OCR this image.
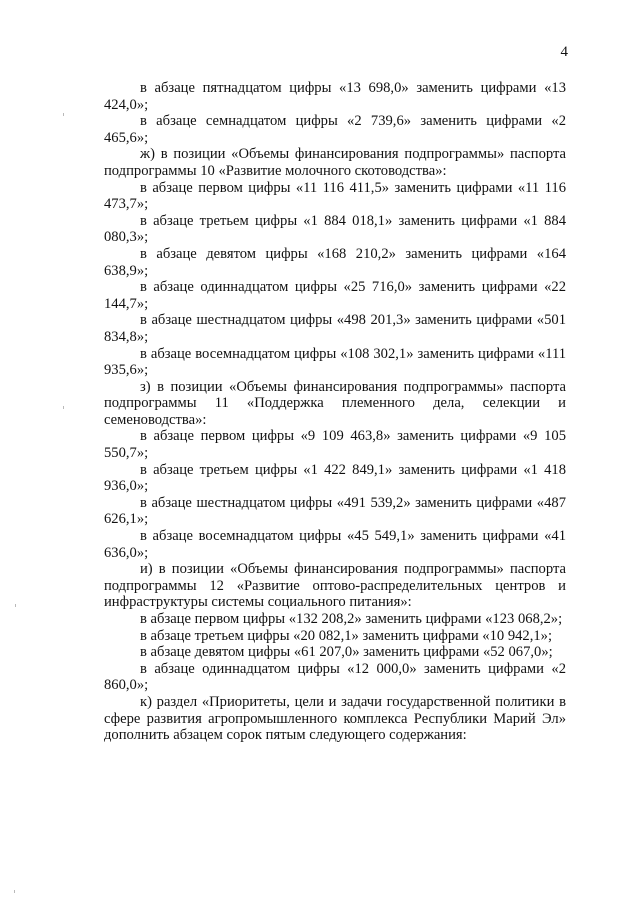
4

в абзаце пятнадцатом цифры «13 698,0» заменить цифрами «13 424,0»;

в абзаце семнадцатом цифры «2 739,6» заменить цифрами «2 465,6»;

ж) в позиции «Объемы финансирования подпрограммы» паспорта подпрограммы 10 «Развитие молочного скотоводства»:

в абзаце первом цифры «11 116 411,5» заменить цифрами «11 116 473,7»;

в абзаце третьем цифры «1 884 018,1» заменить цифрами «1 884 080,3»;

в абзаце девятом цифры «168 210,2» заменить цифрами «164 638,9»;

в абзаце одиннадцатом цифры «25 716,0» заменить цифрами «22 144,7»;

в абзаце шестнадцатом цифры «498 201,3» заменить цифрами «501 834,8»;

в абзаце восемнадцатом цифры «108 302,1» заменить цифрами «111 935,6»;

з) в позиции «Объемы финансирования подпрограммы» паспорта подпрограммы 11 «Поддержка племенного дела, селекции и семеноводства»:

в абзаце первом цифры «9 109 463,8» заменить цифрами «9 105 550,7»;

в абзаце третьем цифры «1 422 849,1» заменить цифрами «1 418 936,0»;

в абзаце шестнадцатом цифры «491 539,2» заменить цифрами «487 626,1»;

в абзаце восемнадцатом цифры «45 549,1» заменить цифрами «41 636,0»;

и) в позиции «Объемы финансирования подпрограммы» паспорта подпрограммы 12 «Развитие оптово-распределительных центров и инфраструктуры системы социального питания»:

в абзаце первом цифры «132 208,2» заменить цифрами «123 068,2»;

в абзаце третьем цифры «20 082,1» заменить цифрами «10 942,1»;

в абзаце девятом цифры «61 207,0» заменить цифрами «52 067,0»;

в абзаце одиннадцатом цифры «12 000,0» заменить цифрами «2 860,0»;

к) раздел «Приоритеты, цели и задачи государственной политики в сфере развития агропромышленного комплекса Республики Марий Эл» дополнить абзацем сорок пятым следующего содержания:
